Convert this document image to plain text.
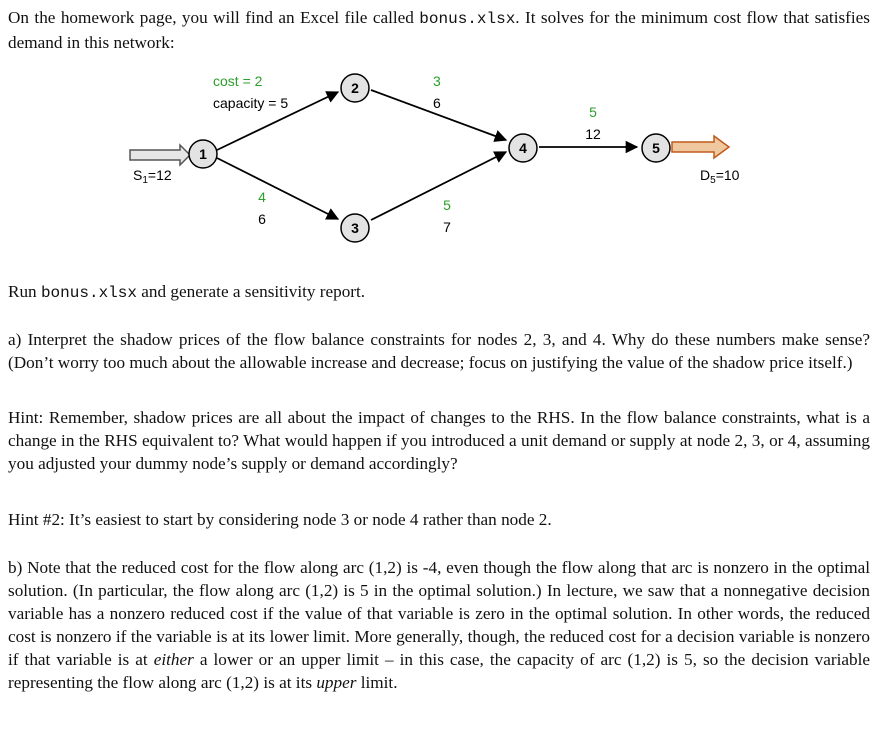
On the homework page, you will find an Excel file called bonus.xlsx. It solves for the minimum cost flow that satisfies demand in this network:
1
2
3
4	5
cost = 2
capacity = 5
3
6
5
12
4
6
5
7
$S_1=12$	$D_5=10$
Run bonus.xlsx and generate a sensitivity report.
a) Interpret the shadow prices of the flow balance constraints for nodes 2, 3, and 4. Why do these numbers make sense? (Don’t worry too much about the allowable increase and decrease; focus on justifying the value of the shadow price itself.)
Hint: Remember, shadow prices are all about the impact of changes to the RHS. In the flow balance constraints, what is a change in the RHS equivalent to? What would happen if you introduced a unit demand or supply at node 2, 3, or 4, assuming you adjusted your dummy node’s supply or demand accordingly?
Hint #2: It’s easiest to start by considering node 3 or node 4 rather than node 2.
b) Note that the reduced cost for the flow along arc (1,2) is -4, even though the flow along that arc is nonzero in the optimal solution. (In particular, the flow along arc (1,2) is 5 in the optimal solution.) In lecture, we saw that a nonnegative decision variable has a nonzero reduced cost if the value of that variable is zero in the optimal solution. In other words, the reduced cost is nonzero if the variable is at its lower limit. More generally, though, the reduced cost for a decision variable is nonzero if that variable is at either a lower or an upper limit – in this case, the capacity of arc (1,2) is 5, so the decision variable representing the flow along arc (1,2) is at its upper limit.
